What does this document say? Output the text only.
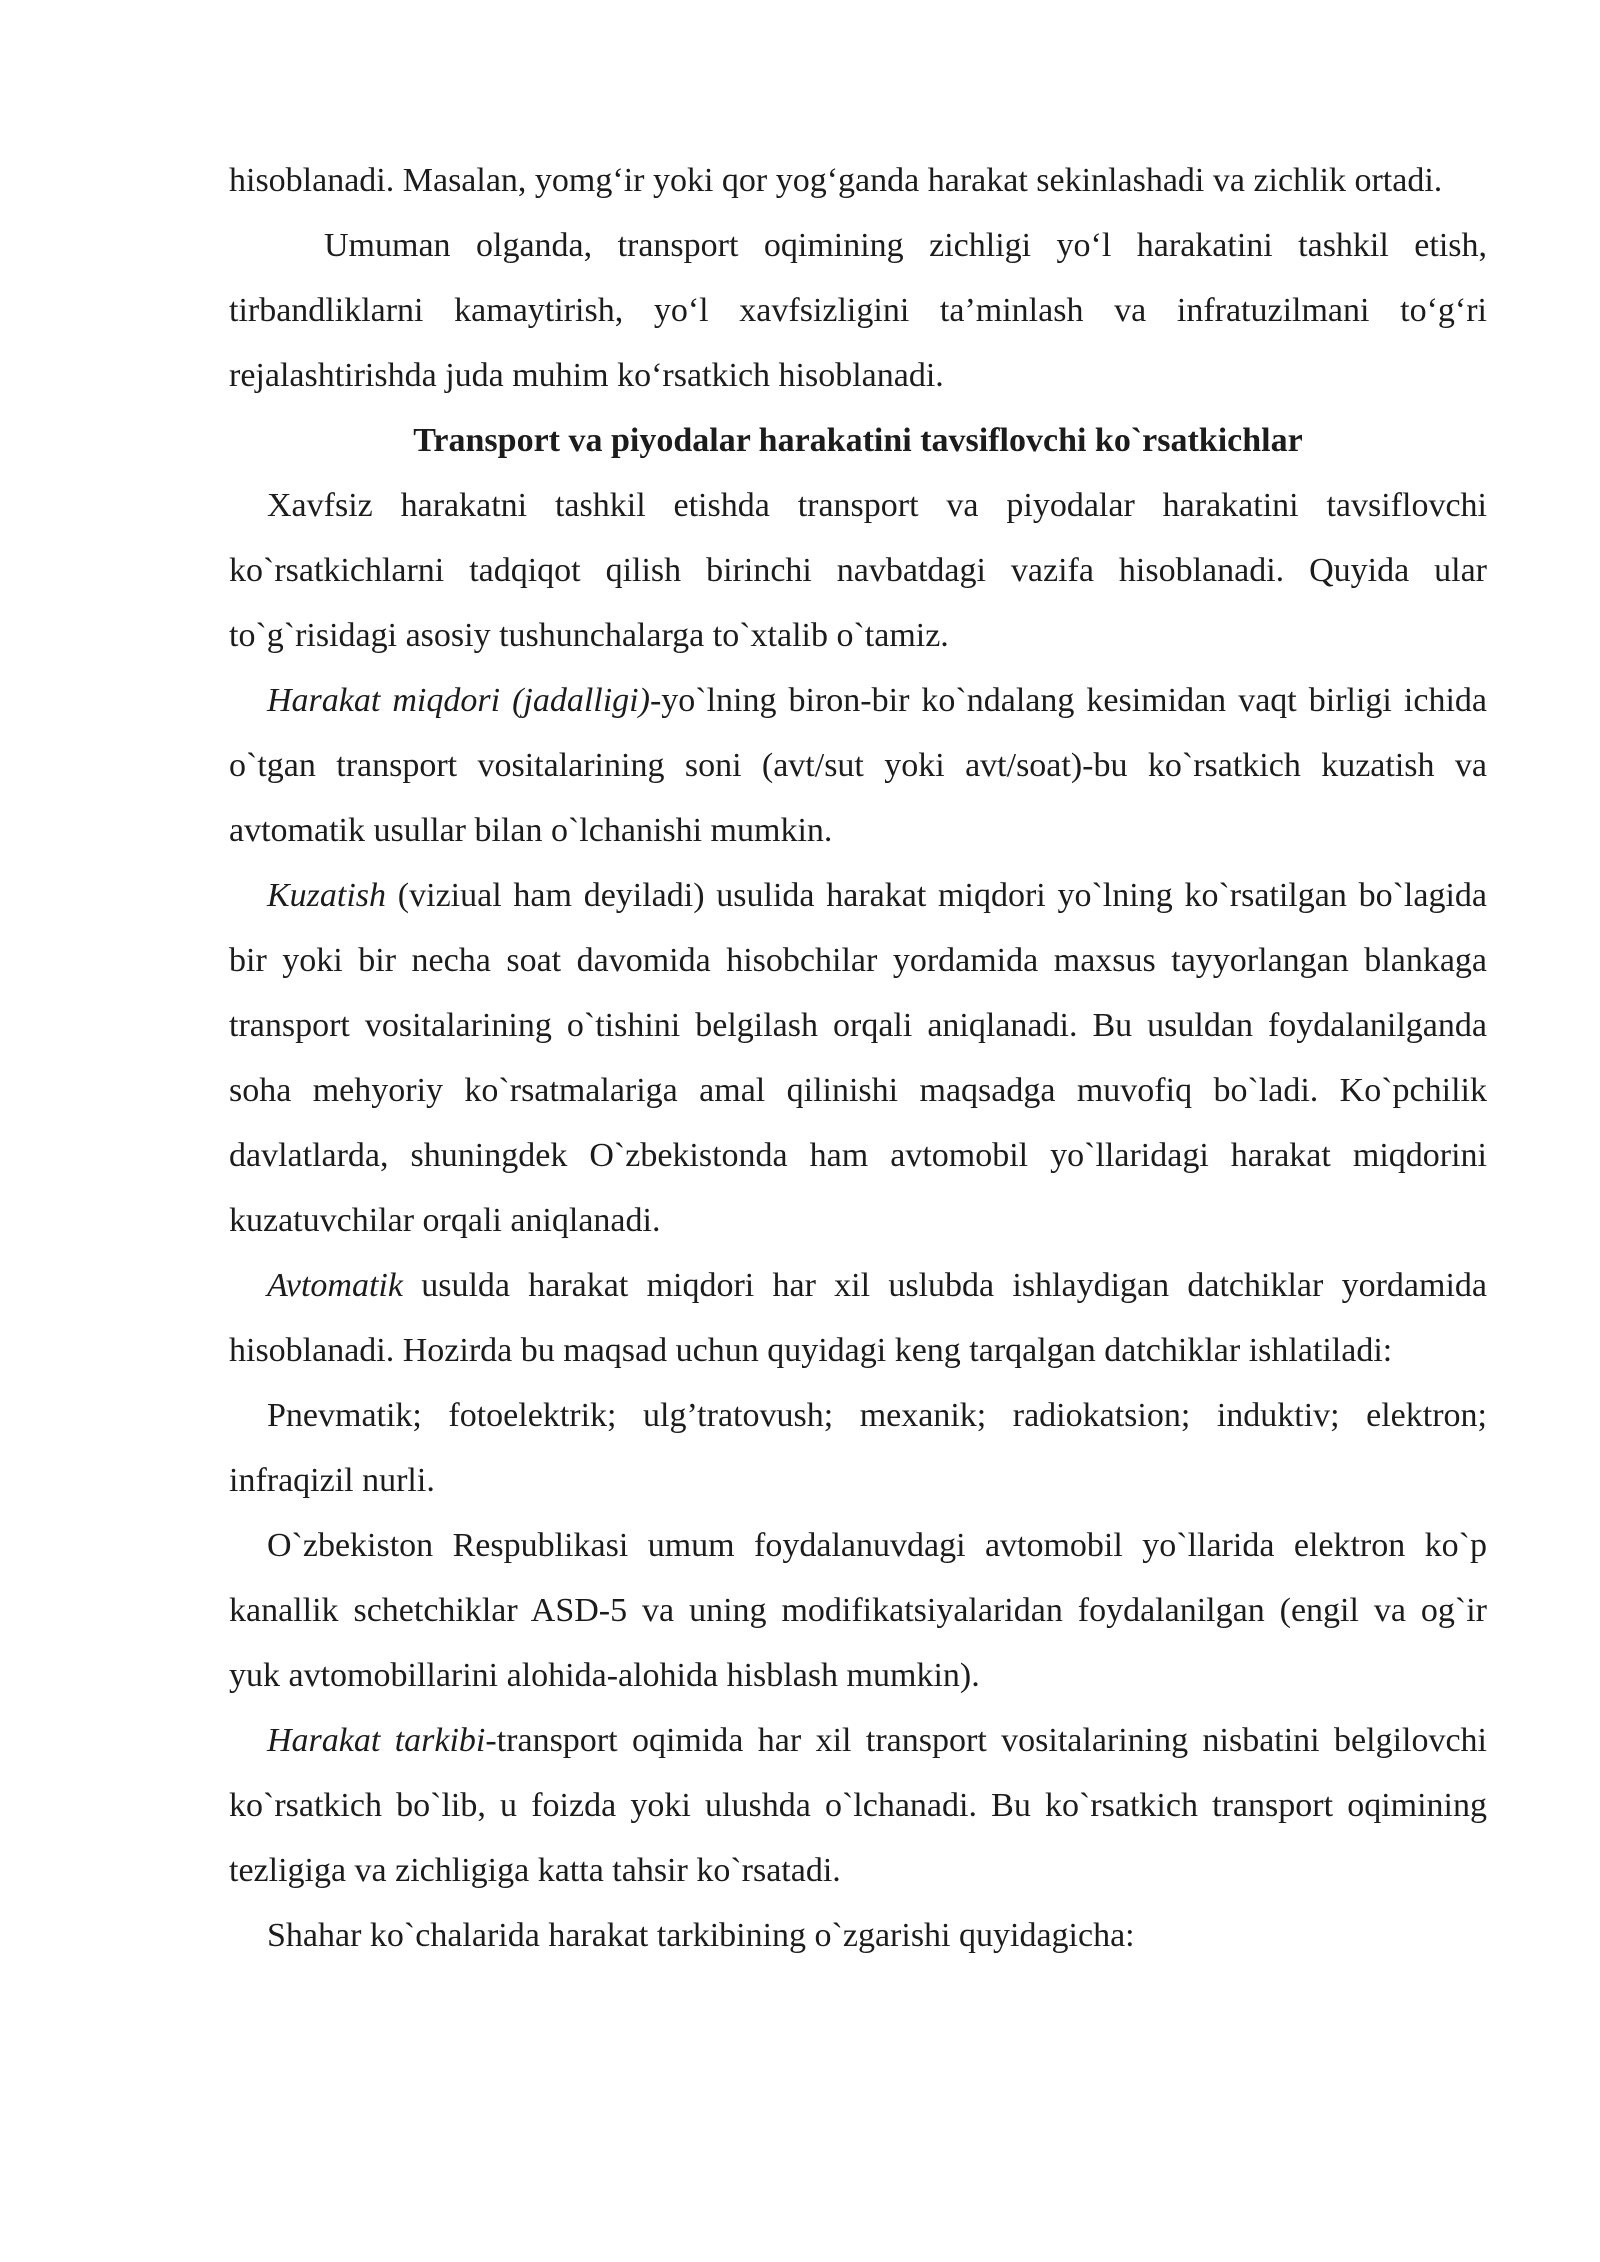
hisoblanadi. Masalan, yomg‘ir yoki qor yog‘ganda harakat sekinlashadi va zichlik ortadi.

Umuman olganda, transport oqimining zichligi yo‘l harakatini tashkil etish, tirbandliklarni kamaytirish, yo‘l xavfsizligini ta’minlash va infratuzilmani to‘g‘ri rejalashtirishda juda muhim ko‘rsatkich hisoblanadi.

Transport va piyodalar harakatini tavsiflovchi ko`rsatkichlar

Xavfsiz harakatni tashkil etishda transport va piyodalar harakatini tavsiflovchi ko`rsatkichlarni tadqiqot qilish birinchi navbatdagi vazifa hisoblanadi. Quyida ular to`g`risidagi asosiy tushunchalarga to`xtalib o`tamiz.

Harakat miqdori (jadalligi)-yo`lning biron-bir ko`ndalang kesimidan vaqt birligi ichida o`tgan transport vositalarining soni (avt/sut yoki avt/soat)-bu ko`rsatkich kuzatish va avtomatik usullar bilan o`lchanishi mumkin.

Kuzatish (viziual ham deyiladi) usulida harakat miqdori yo`lning ko`rsatilgan bo`lagida bir yoki bir necha soat davomida hisobchilar yordamida maxsus tayyorlangan blankaga transport vositalarining o`tishini belgilash orqali aniqlanadi. Bu usuldan foydalanilganda soha mehyoriy ko`rsatmalariga amal qilinishi maqsadga muvofiq bo`ladi. Ko`pchilik davlatlarda, shuningdek O`zbekistonda ham avtomobil yo`llaridagi harakat miqdorini kuzatuvchilar orqali aniqlanadi.

Avtomatik usulda harakat miqdori har xil uslubda ishlaydigan datchiklar yordamida hisoblanadi. Hozirda bu maqsad uchun quyidagi keng tarqalgan datchiklar ishlatiladi:

Pnevmatik; fotoelektrik; ulg’tratovush; mexanik; radiokatsion; induktiv; elektron; infraqizil nurli.

O`zbekiston Respublikasi umum foydalanuvdagi avtomobil yo`llarida elektron ko`p kanallik schetchiklar ASD-5 va uning modifikatsiyalaridan foydalanilgan (engil va og`ir yuk avtomobillarini alohida-alohida hisblash mumkin).

Harakat tarkibi-transport oqimida har xil transport vositalarining nisbatini belgilovchi ko`rsatkich bo`lib, u foizda yoki ulushda o`lchanadi. Bu ko`rsatkich transport oqimining tezligiga va zichligiga katta tahsir ko`rsatadi.

Shahar ko`chalarida harakat tarkibining o`zgarishi quyidagicha:
